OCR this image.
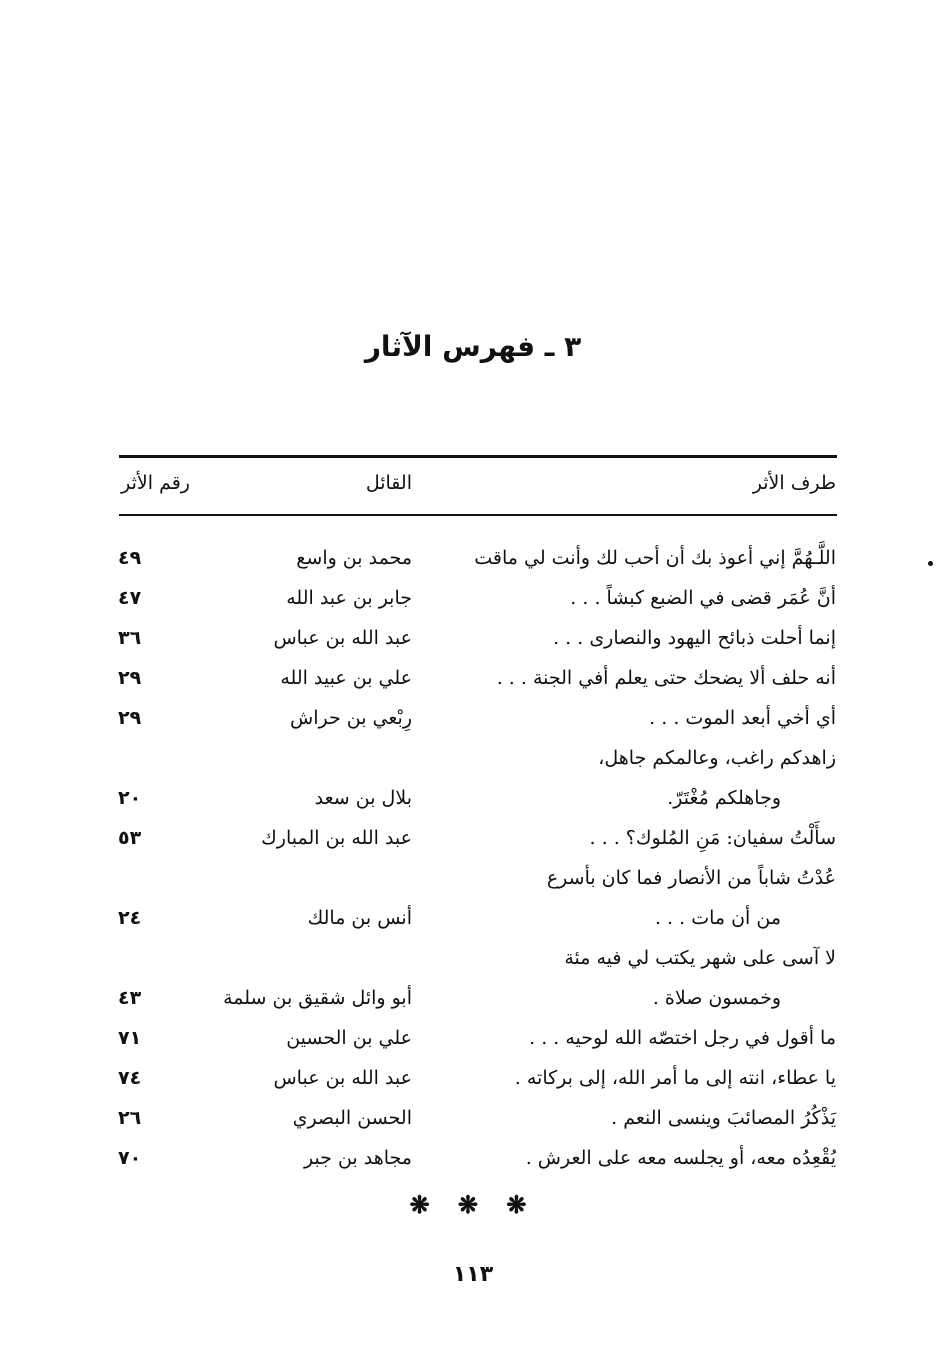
٣ ـ فهرس الآثار
طرف الأثر
القائل
رقم الأثر
اللَّـهُمَّ إني أعوذ بك أن أحب لك وأنت لي ماقت
محمد بن واسع
٤٩
أنَّ عُمَر قضى في الضبع كبشاً . . .
جابر بن عبد الله
٤٧
إنما أحلت ذبائح اليهود والنصارى . . .
عبد الله بن عباس
٣٦
أنه حلف ألا يضحك حتى يعلم أفي الجنة . . .
علي بن عبيد الله
٢٩
أي أخي أبعد الموت . . .
رِبْعي بن حراش
٢٩
زاهدكم راغب، وعالمكم جاهل،
وجاهلكم مُغْتَرّ.
بلال بن سعد
٢٠
سأَلْتُ سفيان: مَنِ المُلوك؟ . . .
عبد الله بن المبارك
٥٣
عُدْتُ شاباً من الأنصار فما كان بأسرع
من أن مات . . .
أنس بن مالك
٢٤
لا آسى على شهر يكتب لي فيه مئة
وخمسون صلاة .
أبو وائل شقيق بن سلمة
٤٣
ما أقول في رجل اختصّه الله لوحيه . . .
علي بن الحسين
٧١
يا عطاء، انته إلى ما أمر الله، إلى بركاته .
عبد الله بن عباس
٧٤
يَذْكُرُ المصائبَ وينسى النعم .
الحسن البصري
٢٦
يُقْعِدُه معه، أو يجلسه معه على العرش .
مجاهد بن جبر
٧٠
❋ ❋ ❋
١١٣
